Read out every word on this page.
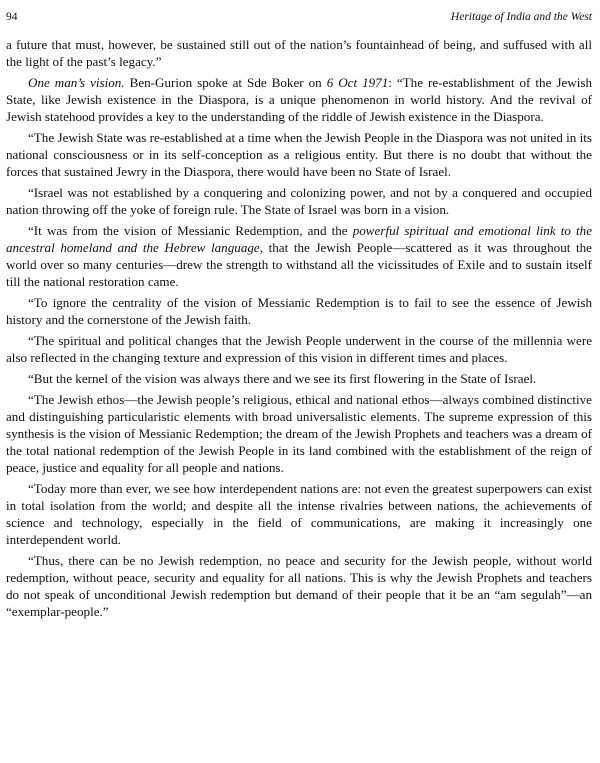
94	Heritage of India and the West

a future that must, however, be sustained still out of the nation’s fountainhead of being, and suffused with all the light of the past’s legacy.”

One man’s vision. Ben-Gurion spoke at Sde Boker on 6 Oct 1971: “The re-establishment of the Jewish State, like Jewish existence in the Diaspora, is a unique phenomenon in world history. And the revival of Jewish statehood provides a key to the understanding of the riddle of Jewish existence in the Diaspora.

“The Jewish State was re-established at a time when the Jewish People in the Diaspora was not united in its national consciousness or in its self-conception as a religious entity. But there is no doubt that without the forces that sustained Jewry in the Diaspora, there would have been no State of Israel.

“Israel was not established by a conquering and colonizing power, and not by a conquered and occupied nation throwing off the yoke of foreign rule. The State of Israel was born in a vision.

“It was from the vision of Messianic Redemption, and the powerful spiritual and emotional link to the ancestral homeland and the Hebrew language, that the Jewish People—scattered as it was throughout the world over so many centuries—drew the strength to withstand all the vicissitudes of Exile and to sustain itself till the national restoration came.

“To ignore the centrality of the vision of Messianic Redemption is to fail to see the essence of Jewish history and the cornerstone of the Jewish faith.

“The spiritual and political changes that the Jewish People underwent in the course of the millennia were also reflected in the changing texture and expression of this vision in different times and places.

“But the kernel of the vision was always there and we see its first flowering in the State of Israel.

“The Jewish ethos—the Jewish people’s religious, ethical and national ethos—always combined distinctive and distinguishing particularistic elements with broad universalistic elements. The supreme expression of this synthesis is the vision of Messianic Redemption; the dream of the Jewish Prophets and teachers was a dream of the total national redemption of the Jewish People in its land combined with the establishment of the reign of peace, justice and equality for all people and nations.

“Today more than ever, we see how interdependent nations are: not even the greatest superpowers can exist in total isolation from the world; and despite all the intense rivalries between nations, the achievements of science and technology, especially in the field of communications, are making it increasingly one interdependent world.

“Thus, there can be no Jewish redemption, no peace and security for the Jewish people, without world redemption, without peace, security and equality for all nations. This is why the Jewish Prophets and teachers do not speak of unconditional Jewish redemption but demand of their people that it be an “am segulah”—an “exemplar-people.”
